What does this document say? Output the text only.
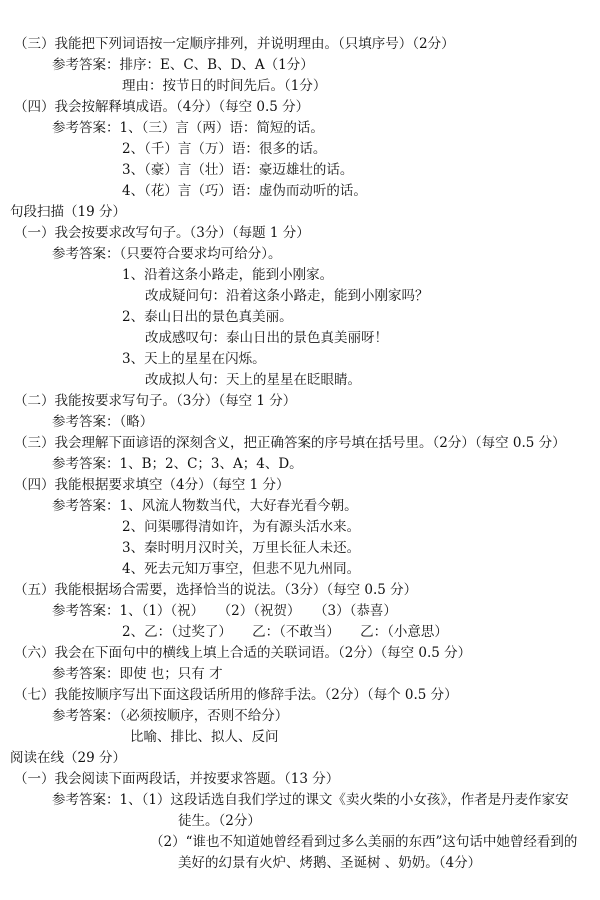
（三）我能把下列词语按一定顺序排列，并说明理由。（只填序号）（2分）
参考答案：排序：E、C、B、D、A（1分）
理由：按节日的时间先后。（1分）
（四）我会按解释填成语。（4分）（每空 0.5 分）
参考答案：1、（三）言（两）语：简短的话。
2、（千）言（万）语：很多的话。
3、（豪）言（壮）语：豪迈雄壮的话。
4、（花）言（巧）语：虚伪而动听的话。
句段扫描（19 分）
（一）我会按要求改写句子。（3分）（每题 1 分）
参考答案：（只要符合要求均可给分）。
1、沿着这条小路走，能到小刚家。
改成疑问句：沿着这条小路走，能到小刚家吗？
2、泰山日出的景色真美丽。
改成感叹句：泰山日出的景色真美丽呀！
3、天上的星星在闪烁。
改成拟人句：天上的星星在眨眼睛。
（二）我能按要求写句子。（3分）（每空 1 分）
参考答案：（略）
（三）我会理解下面谚语的深刻含义，把正确答案的序号填在括号里。（2分）（每空 0.5 分）
参考答案：1、B；2、C；3、A；4、D。
（四）我能根据要求填空（4分）（每空 1 分）
参考答案：1、风流人物数当代，大好春光看今朝。
2、问渠哪得清如许，为有源头活水来。
3、秦时明月汉时关，万里长征人未还。
4、死去元知万事空，但悲不见九州同。
（五）我能根据场合需要，选择恰当的说法。（3分）（每空 0.5 分）
参考答案：1、（1）（祝）　　（2）（祝贺）　　（3）（恭喜）
2、乙：（过奖了）　　乙：（不敢当）　　乙：（小意思）
（六）我会在下面句中的横线上填上合适的关联词语。（2分）（每空 0.5 分）
参考答案：即使 也；只有 才
（七）我能按顺序写出下面这段话所用的修辞手法。（2分）（每个 0.5 分）
参考答案：（必须按顺序，否则不给分）
比喻、排比、拟人、反问
阅读在线（29 分）
（一）我会阅读下面两段话，并按要求答题。（13 分）
参考答案：1、（1）这段话选自我们学过的课文《卖火柴的小女孩》，作者是丹麦作家安
徒生。（2分）
（2）“谁也不知道她曾经看到过多么美丽的东西”这句话中她曾经看到的
美好的幻景有火炉、烤鹅、圣诞树 、奶奶。（4分）
